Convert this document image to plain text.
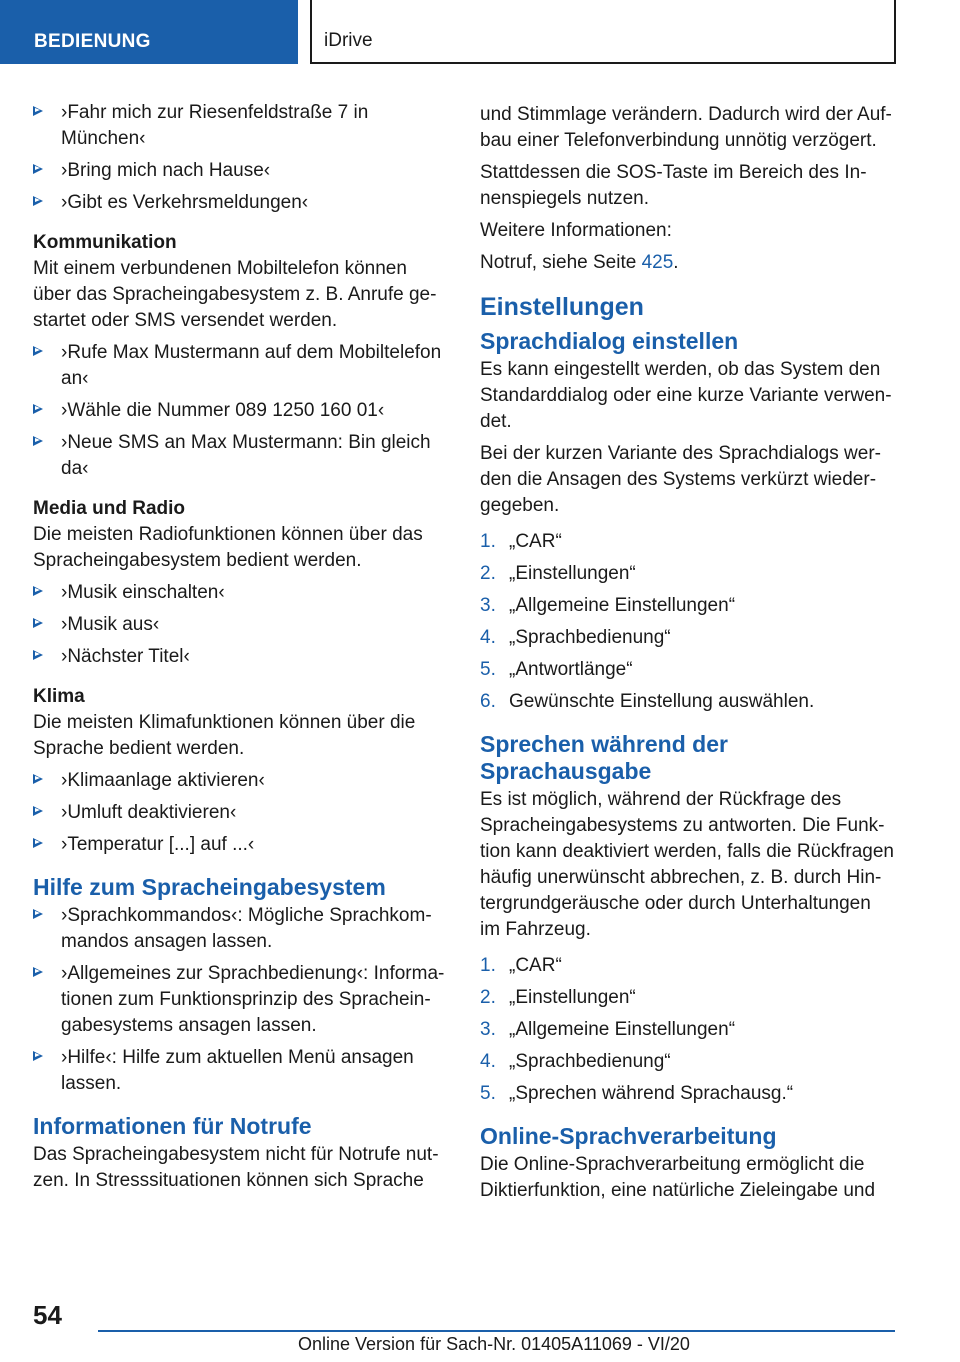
BEDIENUNG	iDrive
›Fahr mich zur Riesenfeldstraße 7 in München‹
›Bring mich nach Hause‹
›Gibt es Verkehrsmeldungen‹

Kommunikation

Mit einem verbundenen Mobiltelefon können über das Spracheingabesystem z. B. Anrufe gestartet oder SMS versendet werden.

›Rufe Max Mustermann auf dem Mobiltelefon an‹
›Wähle die Nummer 089 1250 160 01‹
›Neue SMS an Max Mustermann: Bin gleich da‹

Media und Radio

Die meisten Radiofunktionen können über das Spracheingabesystem bedient werden.

›Musik einschalten‹
›Musik aus‹
›Nächster Titel‹

Klima

Die meisten Klimafunktionen können über die Sprache bedient werden.

›Klimaanlage aktivieren‹
›Umluft deaktivieren‹
›Temperatur [...] auf ...‹
Hilfe zum Spracheingabesystem
›Sprachkommandos‹: Mögliche Sprachkommandos ansagen lassen.
›Allgemeines zur Sprachbedienung‹: Informationen zum Funktionsprinzip des Spracheingabesystems ansagen lassen.
›Hilfe‹: Hilfe zum aktuellen Menü ansagen lassen.
Informationen für Notrufe

Das Spracheingabesystem nicht für Notrufe nutzen. In Stresssituationen können sich Sprache

und Stimmlage verändern. Dadurch wird der Aufbau einer Telefonverbindung unnötig verzögert.

Stattdessen die SOS-Taste im Bereich des Innenspiegels nutzen.

Weitere Informationen:

Notruf, siehe Seite 425.

Einstellungen
Sprachdialog einstellen

Es kann eingestellt werden, ob das System den Standarddialog oder eine kurze Variante verwendet.

Bei der kurzen Variante des Sprachdialogs werden die Ansagen des Systems verkürzt wiedergegeben.

1. „CAR“
2. „Einstellungen“
3. „Allgemeine Einstellungen“
4. „Sprachbedienung“
5. „Antwortlänge“
6. Gewünschte Einstellung auswählen.
Sprechen während der Sprachausgabe

Es ist möglich, während der Rückfrage des Spracheingabesystems zu antworten. Die Funktion kann deaktiviert werden, falls die Rückfragen häufig unerwünscht abbrechen, z. B. durch Hintergrundgeräusche oder durch Unterhaltungen im Fahrzeug.

1. „CAR“
2. „Einstellungen“
3. „Allgemeine Einstellungen“
4. „Sprachbedienung“
5. „Sprechen während Sprachausg.“
Online-Sprachverarbeitung

Die Online-Sprachverarbeitung ermöglicht die Diktierfunktion, eine natürliche Zieleingabe und

54
Online Version für Sach-Nr. 01405A11069 - VI/20
